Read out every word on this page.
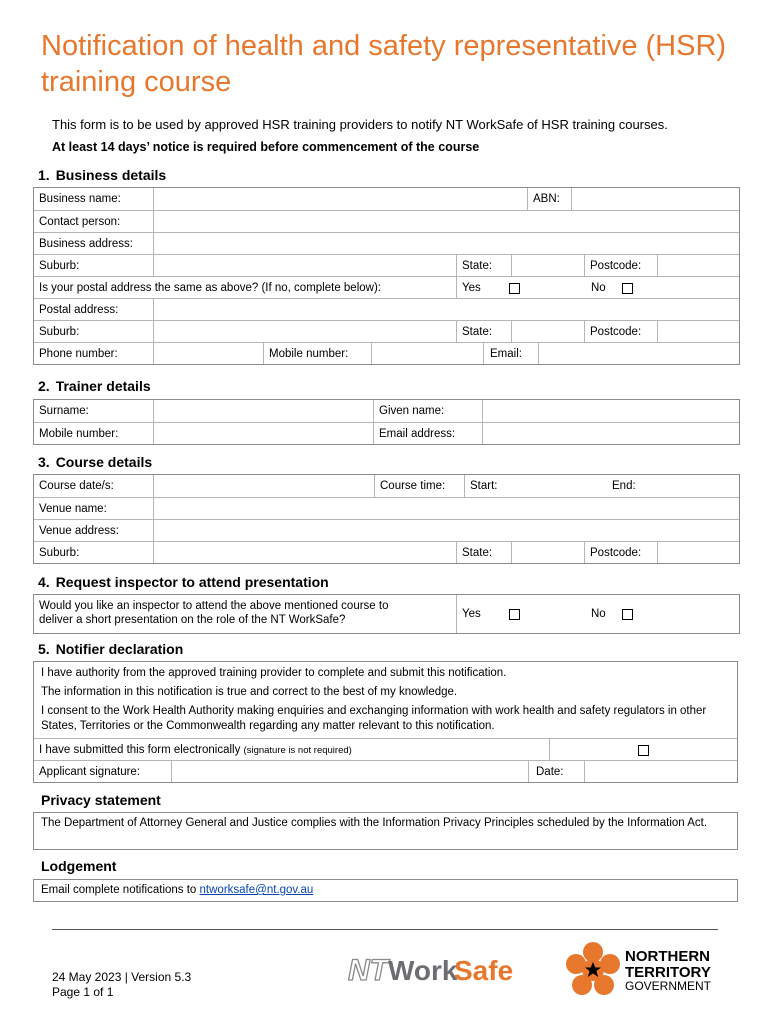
Notification of health and safety representative (HSR) training course
This form is to be used by approved HSR training providers to notify NT WorkSafe of HSR training courses.
At least 14 days’ notice is required before commencement of the course
1. Business details
Business name:	ABN:
Contact person:
Business address:
Suburb:	State:	Postcode:
Is your postal address the same as above? (If no, complete below):	Yes	No
Postal address:
Suburb:	State:	Postcode:
Phone number:	Mobile number:	Email:
2. Trainer details
Surname:	Given name:
Mobile number:	Email address:
3. Course details
Course date/s:	Course time:	Start:	End:
Venue name:
Venue address:
Suburb:	State:	Postcode:
4. Request inspector to attend presentation
Would you like an inspector to attend the above mentioned course to
deliver a short presentation on the role of the NT WorkSafe?	Yes	No
5. Notifier declaration

I have authority from the approved training provider to complete and submit this notification.

The information in this notification is true and correct to the best of my knowledge.

I consent to the Work Health Authority making enquiries and exchanging information with work health and safety regulators in other States, Territories or the Commonwealth regarding any matter relevant to this notification.

I have submitted this form electronically (signature is not required)
Applicant signature:	Date:
Privacy statement
The Department of Attorney General and Justice complies with the Information Privacy Principles scheduled by the Information Act.
Lodgement
Email complete notifications to ntworksafe@nt.gov.au
24 May 2023 | Version 5.3
Page 1 of 1
NT Work
Safe	NORTHERN
TERRITORY
GOVERNMENT
